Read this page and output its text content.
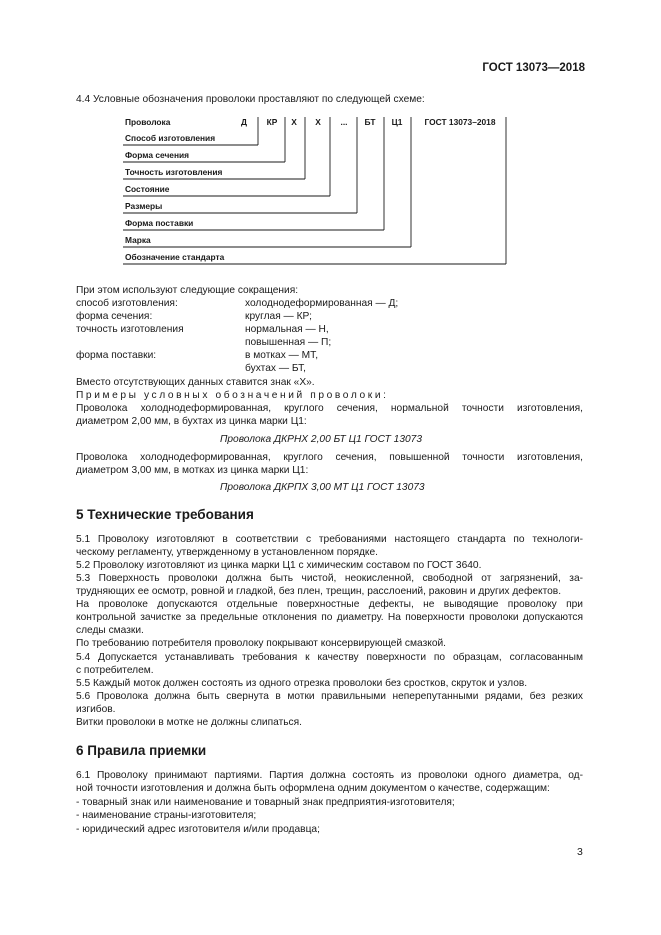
ГОСТ 13073—2018
4.4 Условные обозначения проволоки проставляют по следующей схеме:
Проволока	Д КР Х Х ... БТ Ц1	ГОСТ 13073–2018
Способ изготовления
Форма сечения
Точность изготовления
Состояние
Размеры
Форма поставки
Марка
Обозначение стандарта
При этом используют следующие сокращения:
способ изготовления:	холоднодеформированная — Д;
форма сечения:	круглая — КР;
точность изготовления	нормальная — Н,
повышенная — П;
форма поставки:	в мотках — МТ,
бухтах — БТ,
Вместо отсутствующих данных ставится знак «Х».
Примеры условных обозначений проволоки:
Проволока холоднодеформированная, круглого сечения, нормальной точности изготовления,
диаметром 2,00 мм, в бухтах из цинка марки Ц1:
Проволока ДКРНХ 2,00 БТ Ц1 ГОСТ 13073
Проволока холоднодеформированная, круглого сечения, повышенной точности изготовления,
диаметром 3,00 мм, в мотках из цинка марки Ц1:
Проволока ДКРПХ 3,00 МТ Ц1 ГОСТ 13073
5 Технические требования
5.1 Проволоку изготовляют в соответствии с требованиями настоящего стандарта по технологи-
ческому регламенту, утвержденному в установленном порядке.
5.2 Проволоку изготовляют из цинка марки Ц1 с химическим составом по ГОСТ 3640.
5.3 Поверхность проволоки должна быть чистой, неокисленной, свободной от загрязнений, за-
трудняющих ее осмотр, ровной и гладкой, без плен, трещин, расслоений, раковин и других дефектов.
На проволоке допускаются отдельные поверхностные дефекты, не выводящие проволоку при
контрольной зачистке за предельные отклонения по диаметру. На поверхности проволоки допускаются
следы смазки.
По требованию потребителя проволоку покрывают консервирующей смазкой.
5.4 Допускается устанавливать требования к качеству поверхности по образцам, согласованным
с потребителем.
5.5 Каждый моток должен состоять из одного отрезка проволоки без сростков, скруток и узлов.
5.6 Проволока должна быть свернута в мотки правильными неперепутанными рядами, без резких
изгибов.
Витки проволоки в мотке не должны слипаться.
6 Правила приемки
6.1 Проволоку принимают партиями. Партия должна состоять из проволоки одного диаметра, од-
ной точности изготовления и должна быть оформлена одним документом о качестве, содержащим:
- товарный знак или наименование и товарный знак предприятия-изготовителя;
- наименование страны-изготовителя;
- юридический адрес изготовителя и/или продавца;
3
